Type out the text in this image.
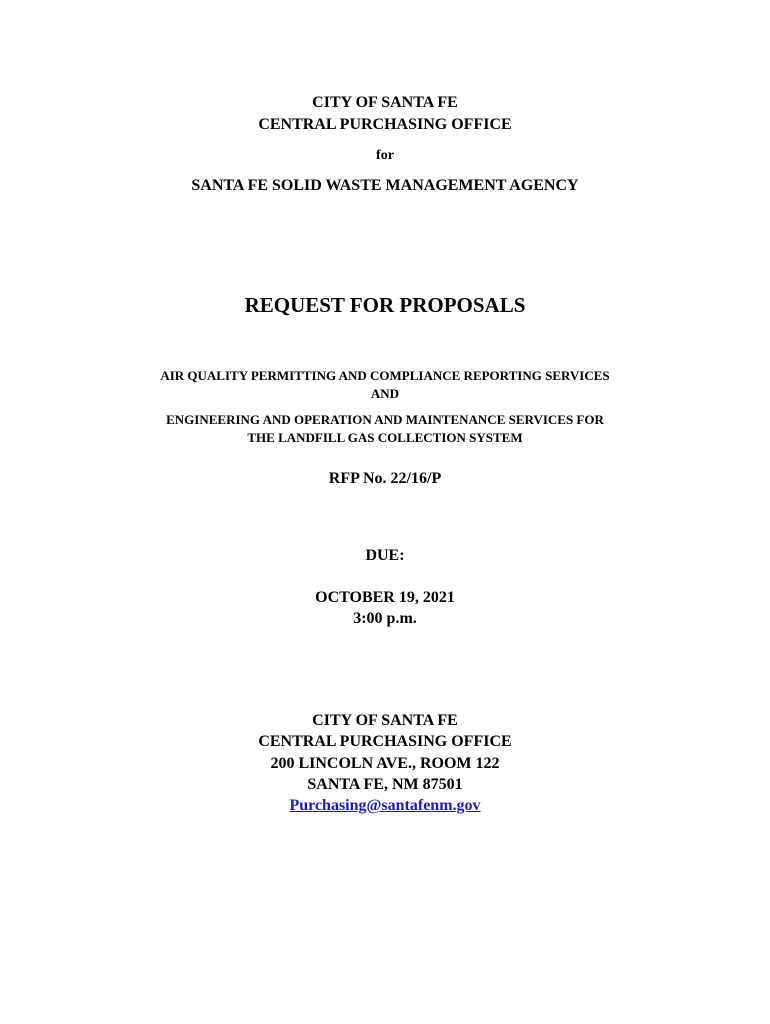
CITY OF SANTA FE
CENTRAL PURCHASING OFFICE
for
SANTA FE SOLID WASTE MANAGEMENT AGENCY
REQUEST FOR PROPOSALS
AIR QUALITY PERMITTING AND COMPLIANCE REPORTING SERVICES
AND
ENGINEERING AND OPERATION AND MAINTENANCE SERVICES FOR
THE LANDFILL GAS COLLECTION SYSTEM
RFP No. 22/16/P
DUE:
OCTOBER 19, 2021
3:00 p.m.
CITY OF SANTA FE
CENTRAL PURCHASING OFFICE
200 LINCOLN AVE., ROOM 122
SANTA FE, NM 87501
Purchasing@santafenm.gov
